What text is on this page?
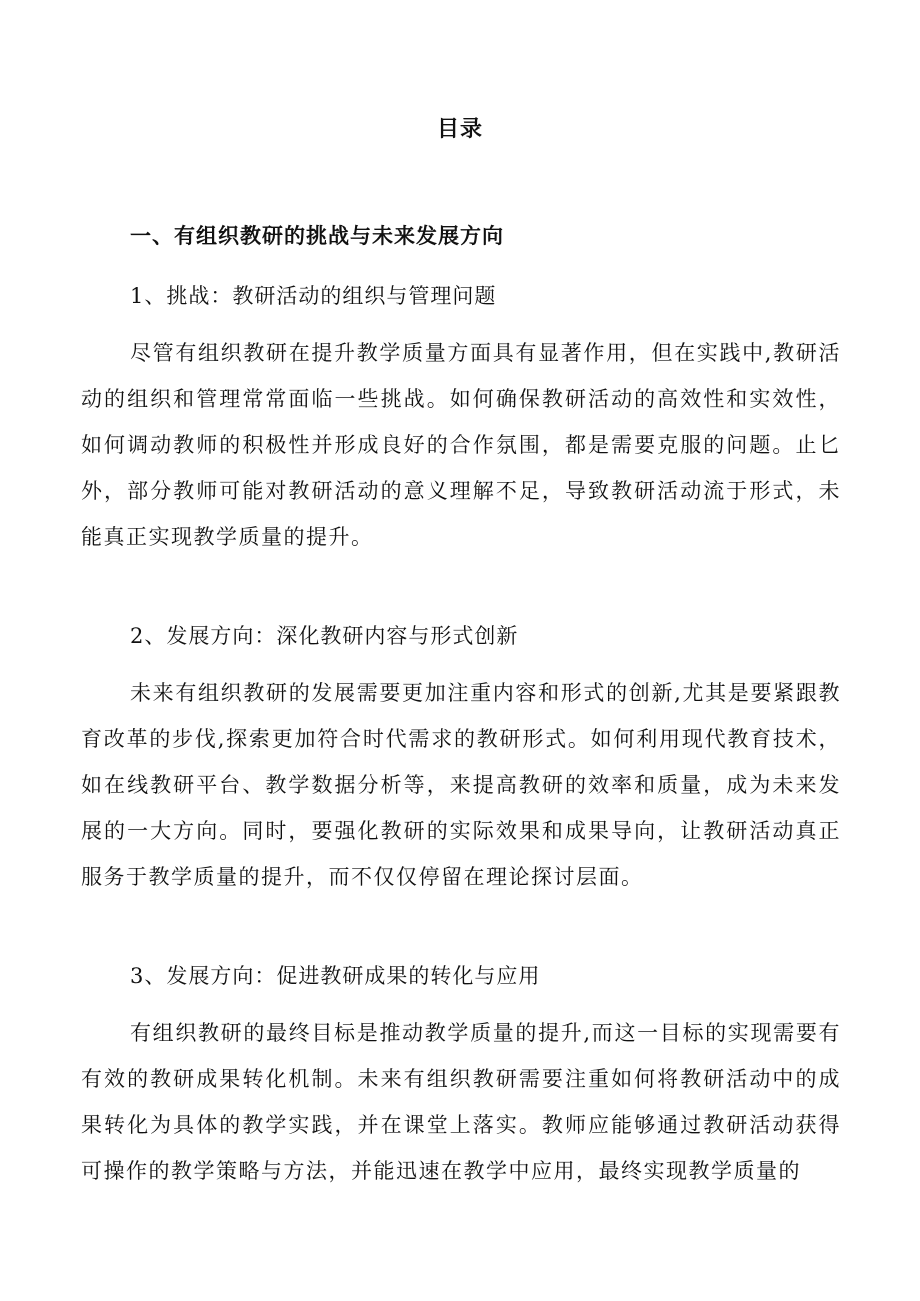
目录
一、有组织教研的挑战与未来发展方向
1、挑战：教研活动的组织与管理问题
尽管有组织教研在提升教学质量方面具有显著作用，但在实践中,教研活动的组织和管理常常面临一些挑战。如何确保教研活动的高效性和实效性，如何调动教师的积极性并形成良好的合作氛围，都是需要克服的问题。止匕外，部分教师可能对教研活动的意义理解不足，导致教研活动流于形式，未能真正实现教学质量的提升。
2、发展方向：深化教研内容与形式创新
未来有组织教研的发展需要更加注重内容和形式的创新,尤其是要紧跟教育改革的步伐,探索更加符合时代需求的教研形式。如何利用现代教育技术，如在线教研平台、教学数据分析等，来提高教研的效率和质量，成为未来发展的一大方向。同时，要强化教研的实际效果和成果导向，让教研活动真正服务于教学质量的提升，而不仅仅停留在理论探讨层面。
3、发展方向：促进教研成果的转化与应用
有组织教研的最终目标是推动教学质量的提升,而这一目标的实现需要有有效的教研成果转化机制。未来有组织教研需要注重如何将教研活动中的成果转化为具体的教学实践，并在课堂上落实。教师应能够通过教研活动获得可操作的教学策略与方法，并能迅速在教学中应用，最终实现教学质量的
